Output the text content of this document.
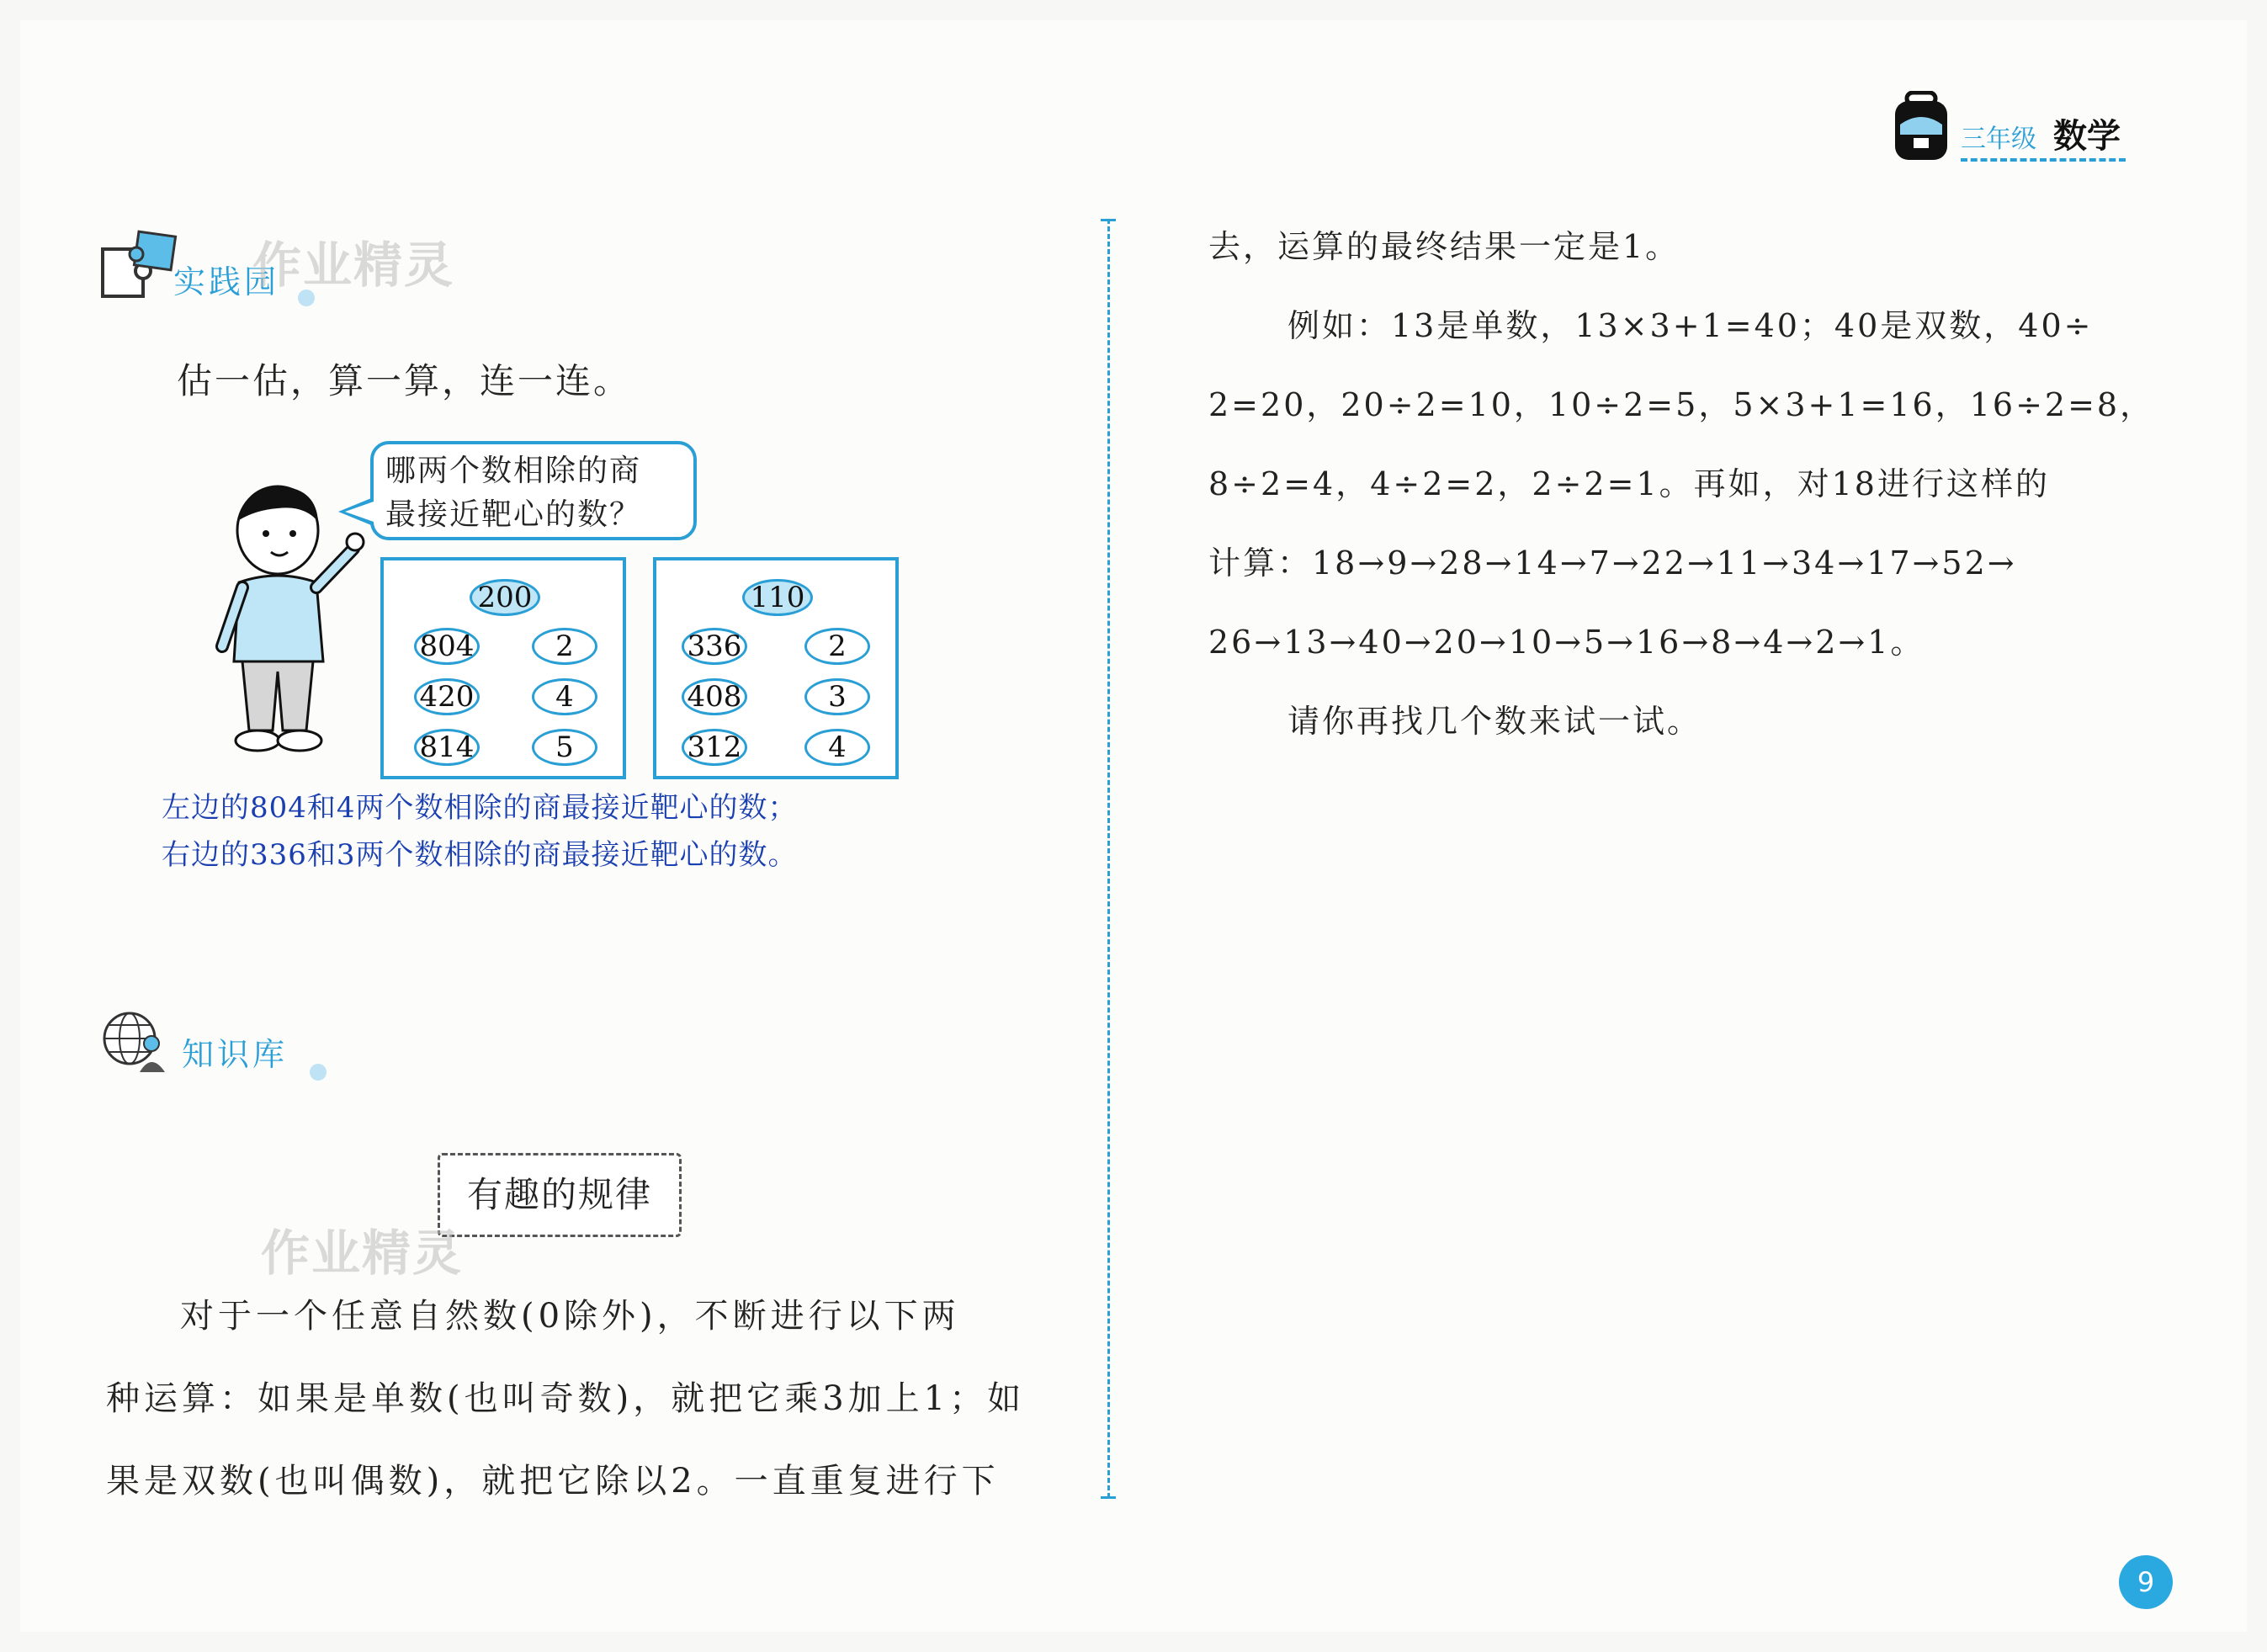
三年级 数学
实践园
作业精灵
估一估，算一算，连一连。
哪两个数相除的商
最接近靶心的数？
200
804	2
420	4
814	5
110
336	2
408	3
312	4
左边的804和4两个数相除的商最接近靶心的数；
右边的336和3两个数相除的商最接近靶心的数。
知识库
有趣的规律
作业精灵
对于一个任意自然数(0除外)，不断进行以下两
种运算：如果是单数(也叫奇数)，就把它乘3加上1；如
果是双数(也叫偶数)，就把它除以2。一直重复进行下
去，运算的最终结果一定是1。
例如：13是单数，13×3+1=40；40是双数，40÷
2=20，20÷2=10，10÷2=5，5×3+1=16，16÷2=8，
8÷2=4，4÷2=2，2÷2=1。再如，对18进行这样的
计算：18→9→28→14→7→22→11→34→17→52→
26→13→40→20→10→5→16→8→4→2→1。
请你再找几个数来试一试。
9
